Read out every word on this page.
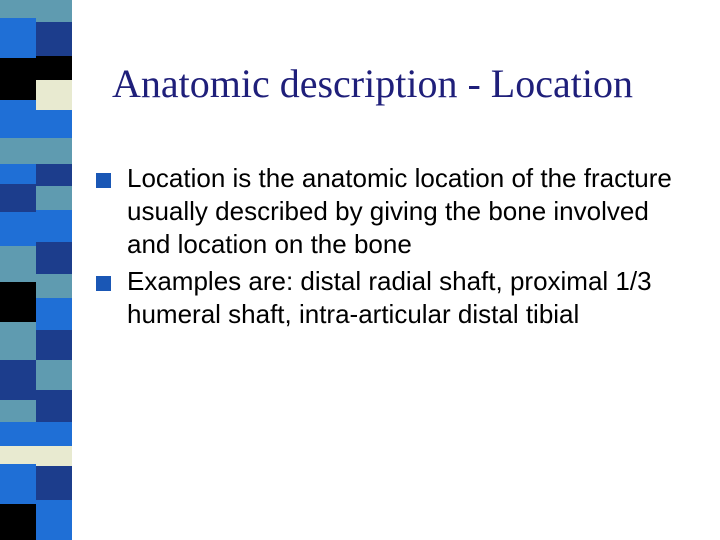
Anatomic description - Location
Location is the anatomic location of the fracture usually described by giving the bone involved and location on the bone
Examples are: distal radial shaft, proximal 1/3 humeral shaft, intra-articular distal tibial
